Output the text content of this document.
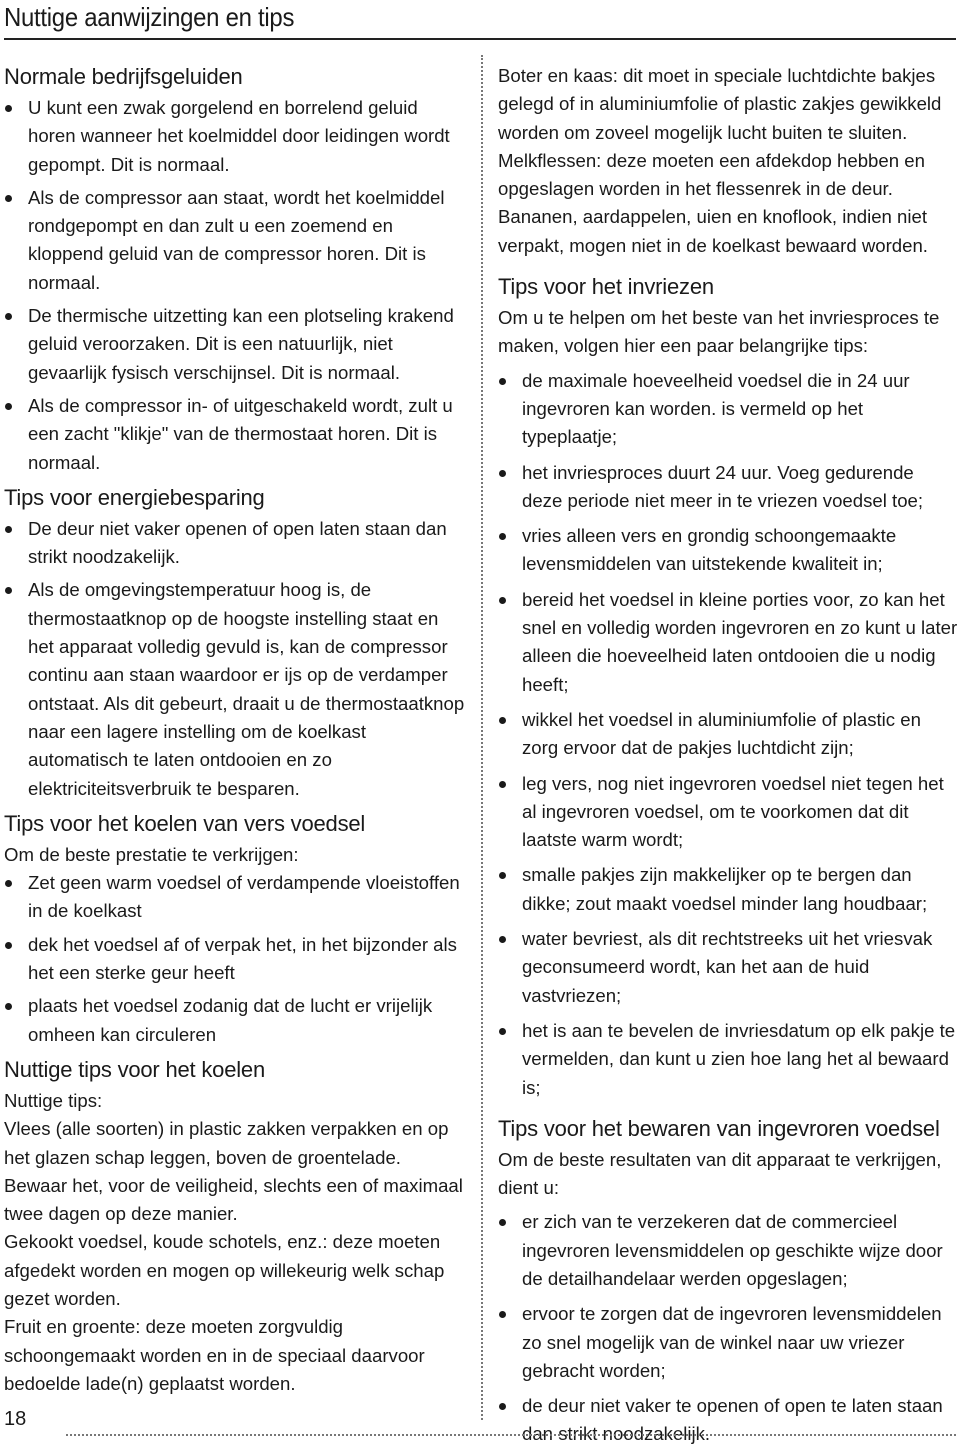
Nuttige aanwijzingen en tips
Normale bedrijfsgeluiden
U kunt een zwak gorgelend en borrelend geluid horen wanneer het koelmiddel door leidingen wordt gepompt. Dit is normaal.
Als de compressor aan staat, wordt het koelmiddel rondgepompt en dan zult u een zoemend en kloppend geluid van de compressor horen. Dit is normaal.
De thermische uitzetting kan een plotseling krakend geluid veroorzaken. Dit is een natuurlijk, niet gevaarlijk fysisch verschijnsel. Dit is normaal.
Als de compressor in- of uitgeschakeld wordt, zult u een zacht "klikje" van de thermostaat horen. Dit is normaal.
Tips voor energiebesparing
De deur niet vaker openen of open laten staan dan strikt noodzakelijk.
Als de omgevingstemperatuur hoog is, de thermostaatknop op de hoogste instelling staat en het apparaat volledig gevuld is, kan de compressor continu aan staan waardoor er ijs op de verdamper ontstaat. Als dit gebeurt, draait u de thermostaatknop naar een lagere instelling om de koelkast automatisch te laten ontdooien en zo elektriciteitsverbruik te besparen.
Tips voor het koelen van vers voedsel

Om de beste prestatie te verkrijgen:

Zet geen warm voedsel of verdampende vloeistoffen in de koelkast
dek het voedsel af of verpak het, in het bijzonder als het een sterke geur heeft
plaats het voedsel zodanig dat de lucht er vrijelijk omheen kan circuleren
Nuttige tips voor het koelen

Nuttige tips:

Vlees (alle soorten) in plastic zakken verpakken en op het glazen schap leggen, boven de groentelade.

Bewaar het, voor de veiligheid, slechts een of maximaal twee dagen op deze manier.

Gekookt voedsel, koude schotels, enz.: deze moeten afgedekt worden en mogen op willekeurig welk schap gezet worden.

Fruit en groente: deze moeten zorgvuldig schoongemaakt worden en in de speciaal daarvoor bedoelde lade(n) geplaatst worden.

Boter en kaas: dit moet in speciale luchtdichte bakjes gelegd of in aluminiumfolie of plastic zakjes gewikkeld worden om zoveel mogelijk lucht buiten te sluiten.

Melkflessen: deze moeten een afdekdop hebben en opgeslagen worden in het flessenrek in de deur.

Bananen, aardappelen, uien en knoflook, indien niet verpakt, mogen niet in de koelkast bewaard worden.

Tips voor het invriezen

Om u te helpen om het beste van het invriesproces te maken, volgen hier een paar belangrijke tips:

de maximale hoeveelheid voedsel die in 24 uur ingevroren kan worden. is vermeld op het typeplaatje;
het invriesproces duurt 24 uur. Voeg gedurende deze periode niet meer in te vriezen voedsel toe;
vries alleen vers en grondig schoongemaakte levensmiddelen van uitstekende kwaliteit in;
bereid het voedsel in kleine porties voor, zo kan het snel en volledig worden ingevroren en zo kunt u later alleen die hoeveelheid laten ontdooien die u nodig heeft;
wikkel het voedsel in aluminiumfolie of plastic en zorg ervoor dat de pakjes luchtdicht zijn;
leg vers, nog niet ingevroren voedsel niet tegen het al ingevroren voedsel, om te voorkomen dat dit laatste warm wordt;
smalle pakjes zijn makkelijker op te bergen dan dikke; zout maakt voedsel minder lang houdbaar;
water bevriest, als dit rechtstreeks uit het vriesvak geconsumeerd wordt, kan het aan de huid vastvriezen;
het is aan te bevelen de invriesdatum op elk pakje te vermelden, dan kunt u zien hoe lang het al bewaard is;
Tips voor het bewaren van ingevroren voedsel

Om de beste resultaten van dit apparaat te verkrijgen, dient u:

er zich van te verzekeren dat de commercieel ingevroren levensmiddelen op geschikte wijze door de detailhandelaar werden opgeslagen;
ervoor te zorgen dat de ingevroren levensmiddelen zo snel mogelijk van de winkel naar uw vriezer gebracht worden;
de deur niet vaker te openen of open te laten staan dan strikt noodzakelijk.
18
